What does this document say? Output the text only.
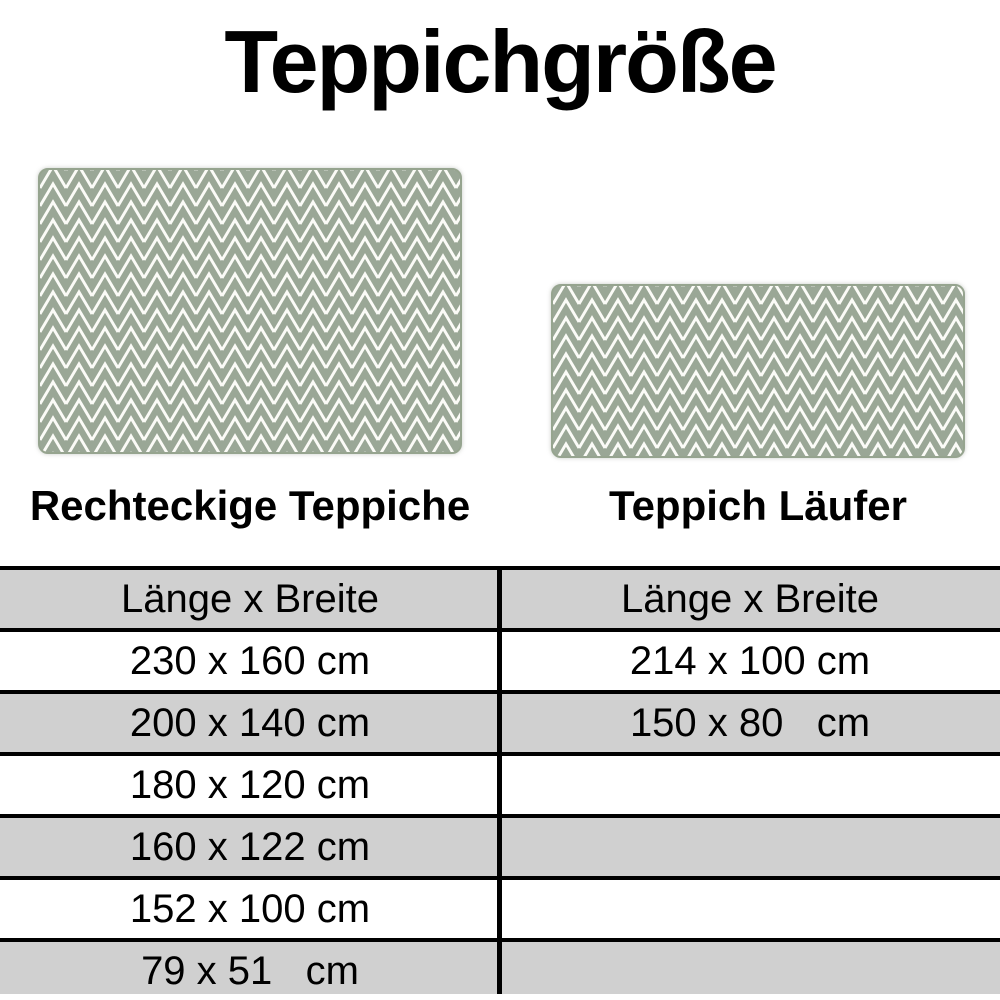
Teppichgröße
Rechteckige Teppiche	Teppich Läufer
Länge x Breite	Länge x Breite
230 x 160 cm	214 x 100 cm
200 x 140 cm	150 x 80   cm
180 x 120 cm
160 x 122 cm
152 x 100 cm
79 x 51   cm
